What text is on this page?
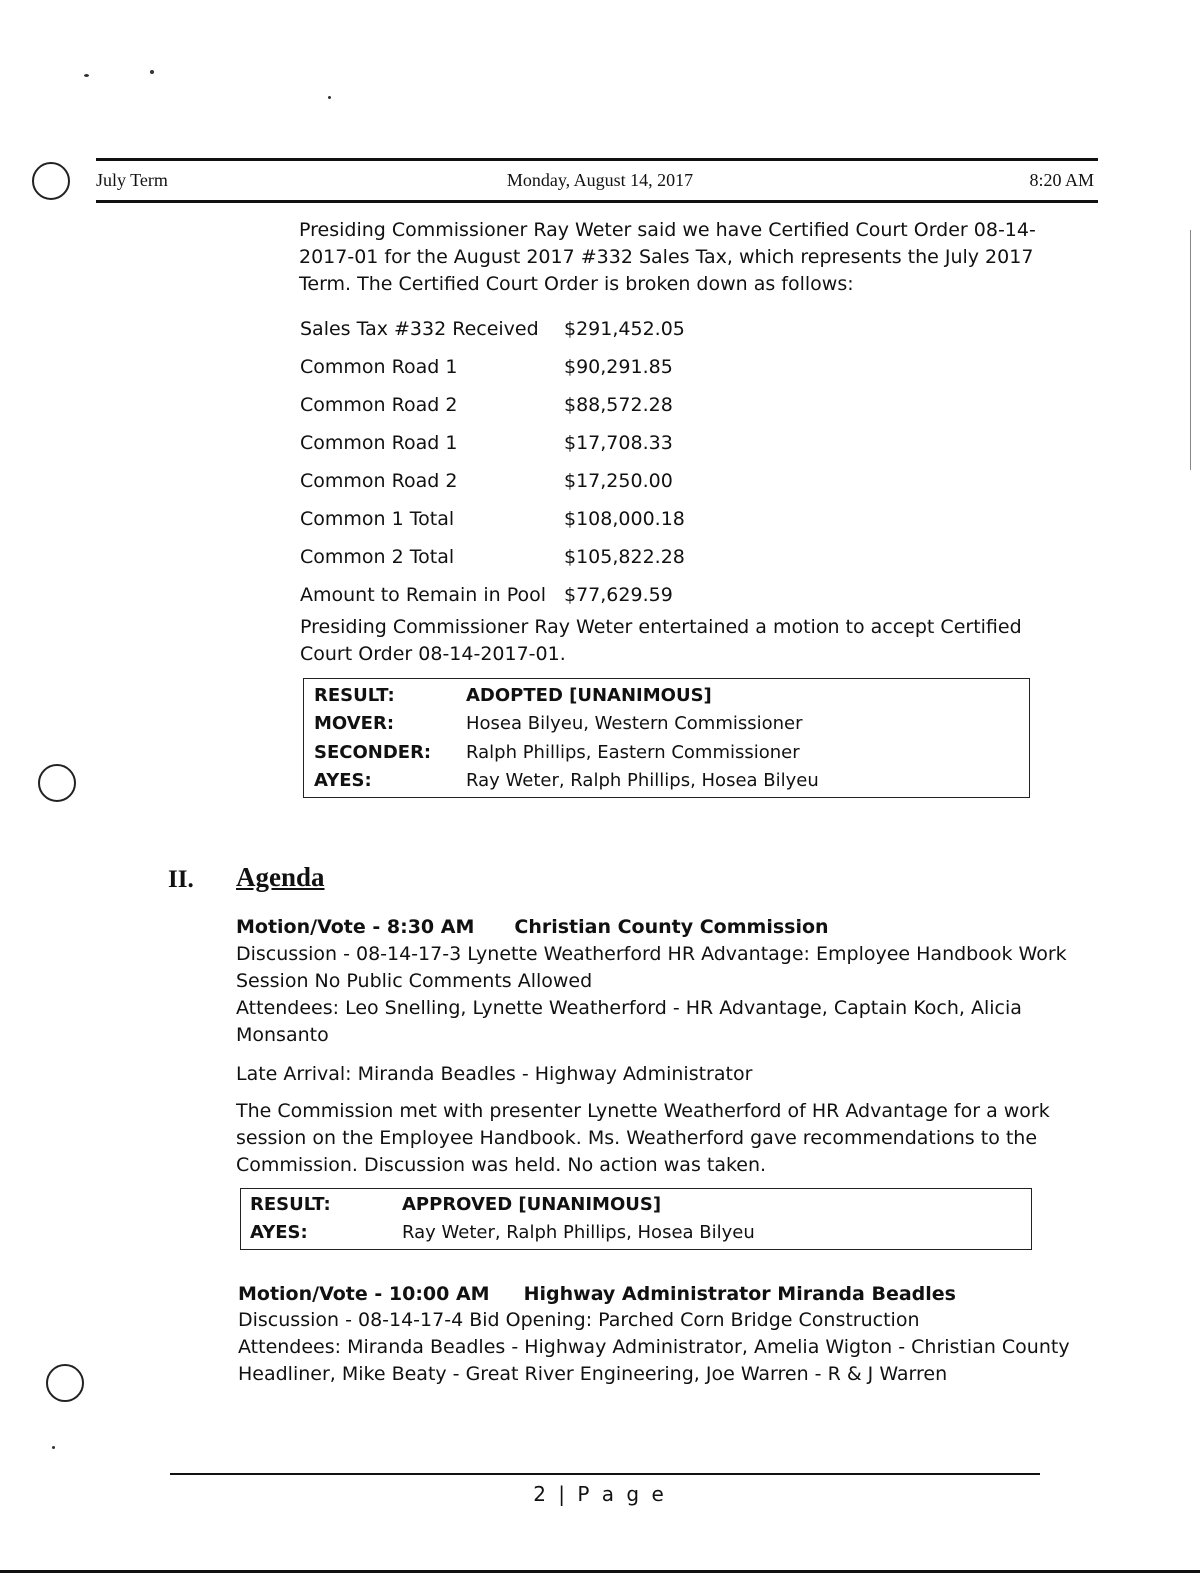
July Term	Monday, August 14, 2017	8:20 AM
Presiding Commissioner Ray Weter said we have Certified Court Order 08-14-
2017-01 for the August 2017 #332 Sales Tax, which represents the July 2017
Term. The Certified Court Order is broken down as follows:
Sales Tax #332 Received	$291,452.05
Common Road 1	$90,291.85
Common Road 2	$88,572.28
Common Road 1	$17,708.33
Common Road 2	$17,250.00
Common 1 Total	$108,000.18
Common 2 Total	$105,822.28
Amount to Remain in Pool	$77,629.59
Presiding Commissioner Ray Weter entertained a motion to accept Certified
Court Order 08-14-2017-01.
RESULT:	ADOPTED [UNANIMOUS]
MOVER:	Hosea Bilyeu, Western Commissioner
SECONDER:	Ralph Phillips, Eastern Commissioner
AYES:	Ray Weter, Ralph Phillips, Hosea Bilyeu
II. Agenda
Motion/Vote - 8:30 AM Christian County Commission
Discussion - 08-14-17-3 Lynette Weatherford HR Advantage: Employee Handbook Work
Session No Public Comments Allowed
Attendees: Leo Snelling, Lynette Weatherford - HR Advantage, Captain Koch, Alicia
Monsanto
Late Arrival: Miranda Beadles - Highway Administrator
The Commission met with presenter Lynette Weatherford of HR Advantage for a work
session on the Employee Handbook. Ms. Weatherford gave recommendations to the
Commission. Discussion was held. No action was taken.
RESULT:	APPROVED [UNANIMOUS]
AYES:	Ray Weter, Ralph Phillips, Hosea Bilyeu
Motion/Vote - 10:00 AM Highway Administrator Miranda Beadles
Discussion - 08-14-17-4 Bid Opening: Parched Corn Bridge Construction
Attendees: Miranda Beadles - Highway Administrator, Amelia Wigton - Christian County
Headliner, Mike Beaty - Great River Engineering, Joe Warren - R & J Warren
2 | P a g e
